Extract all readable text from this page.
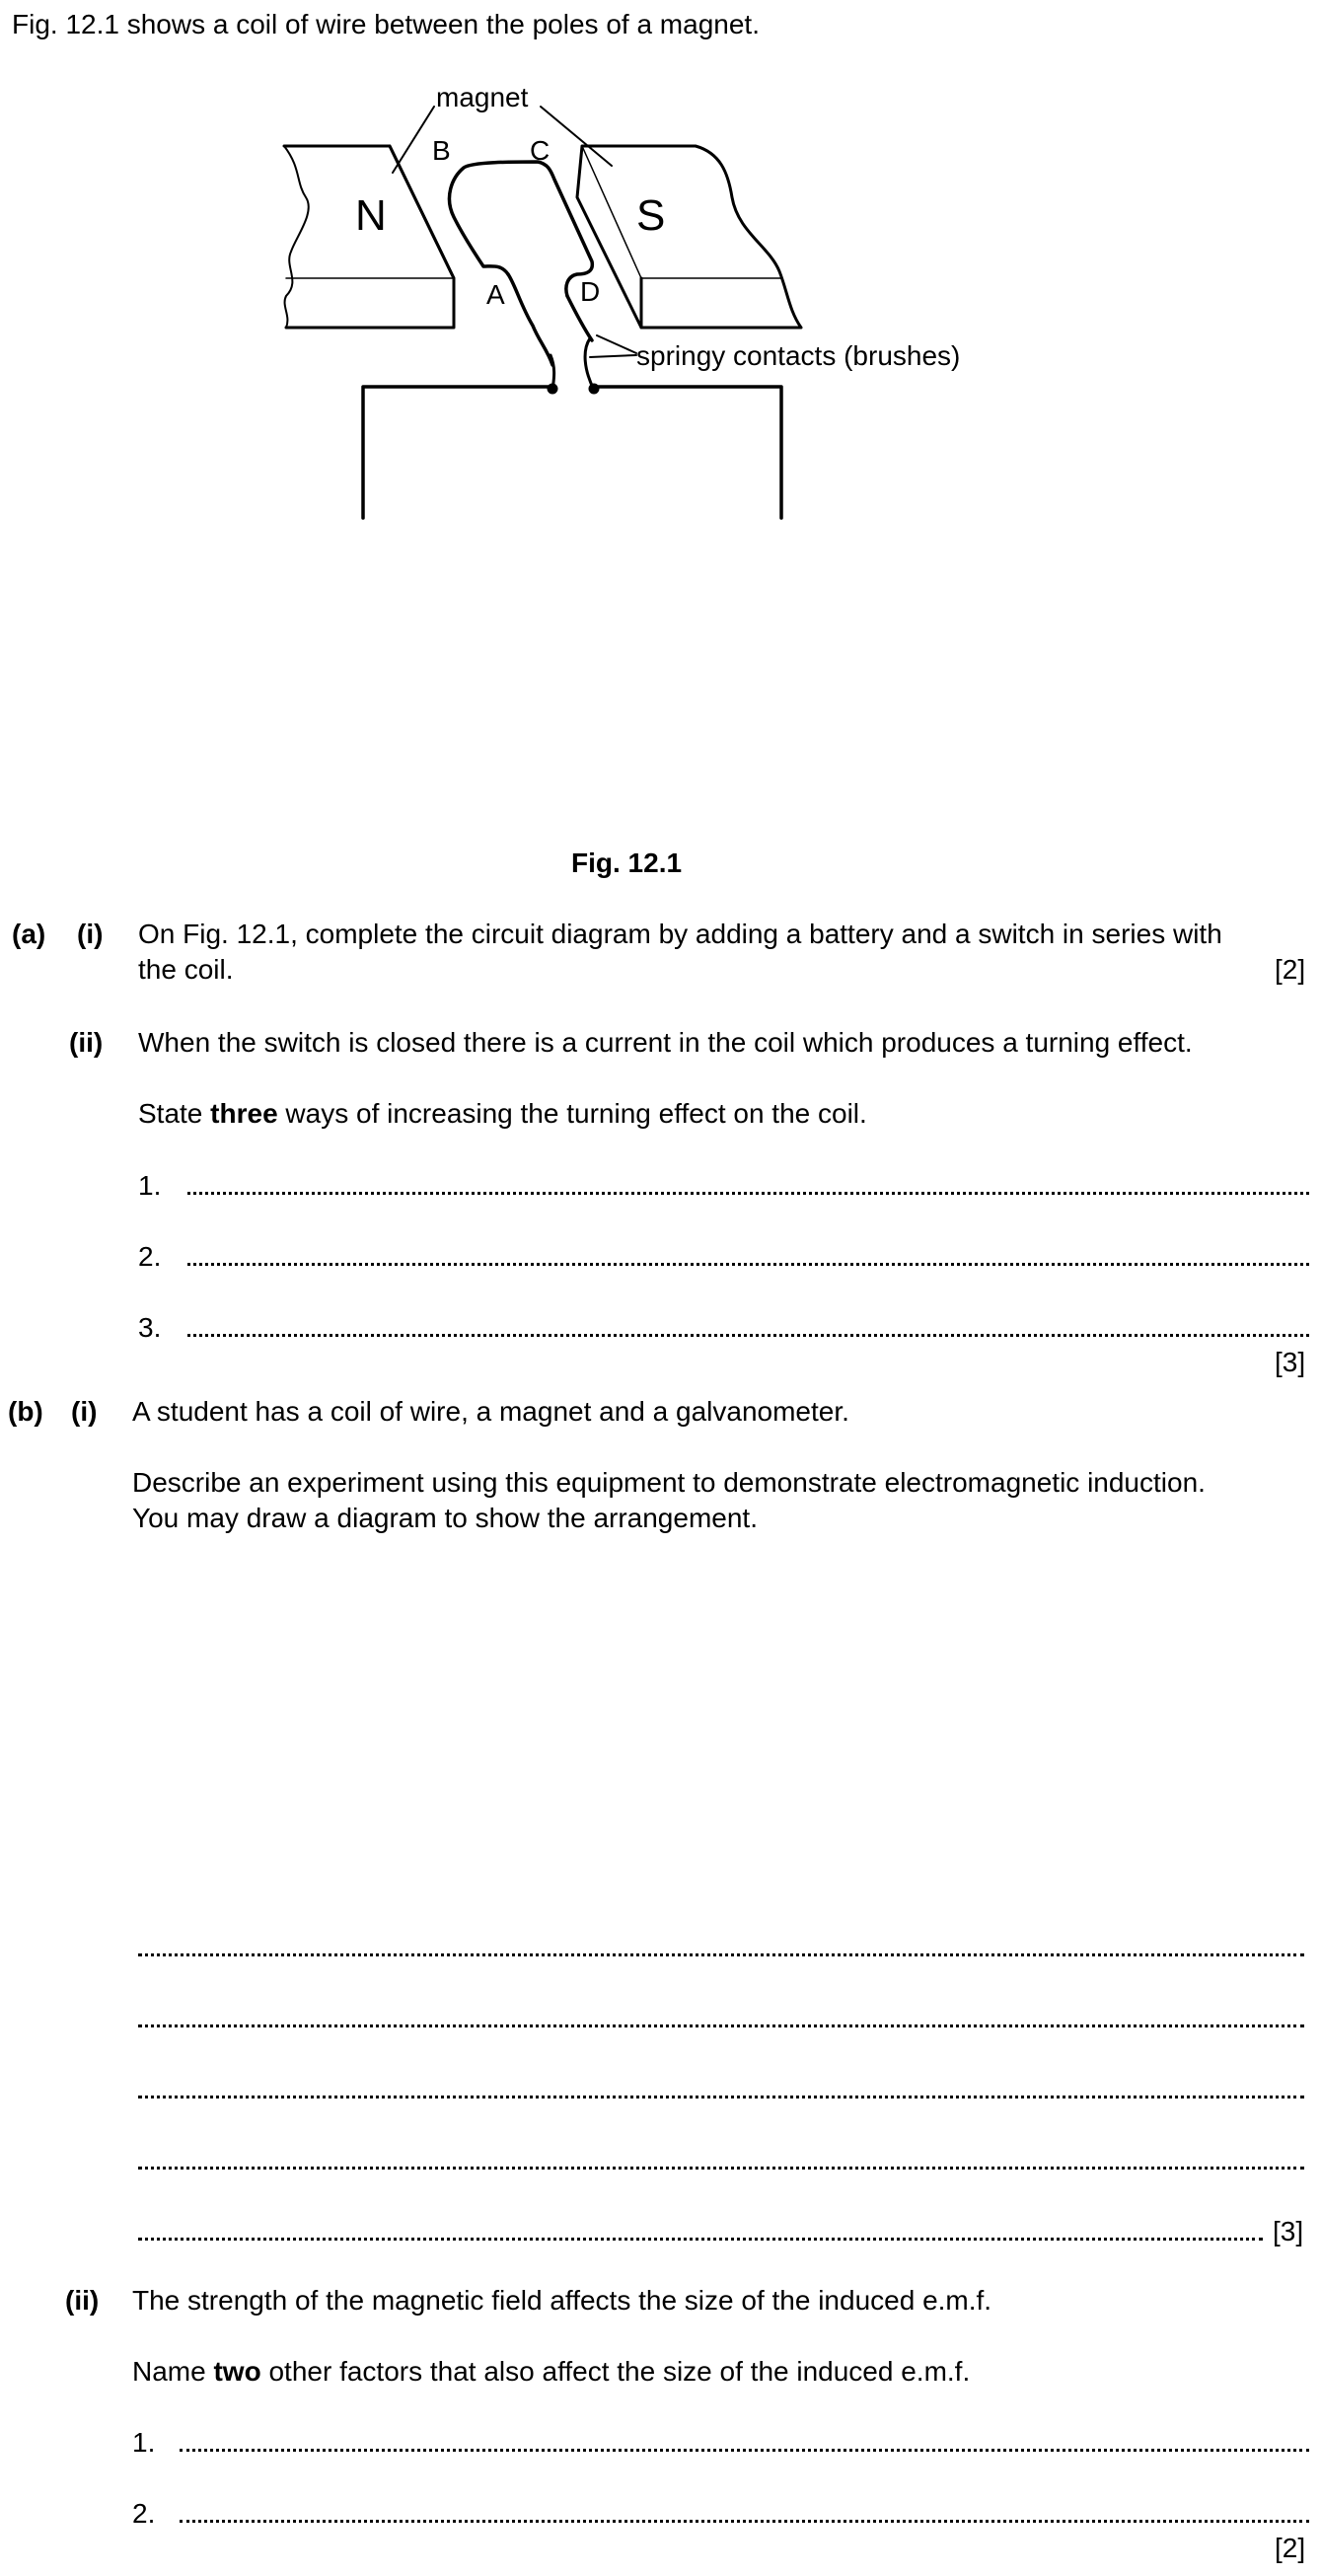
Fig. 12.1 shows a coil of wire between the poles of a magnet.
magnet
N	S
B	C
A	D
springy contacts (brushes)
Fig. 12.1
(a) (i) On Fig. 12.1, complete the circuit diagram by adding a battery and a switch in series with
the coil.	[2]
(ii) When the switch is closed there is a current in the coil which produces a turning effect.
State three ways of increasing the turning effect on the coil.
1.
2.
3.
[3]
(b) (i) A student has a coil of wire, a magnet and a galvanometer.
Describe an experiment using this equipment to demonstrate electromagnetic induction.
You may draw a diagram to show the arrangement.
[3]
(ii) The strength of the magnetic field affects the size of the induced e.m.f.
Name two other factors that also affect the size of the induced e.m.f.
1.
2.
[2]
